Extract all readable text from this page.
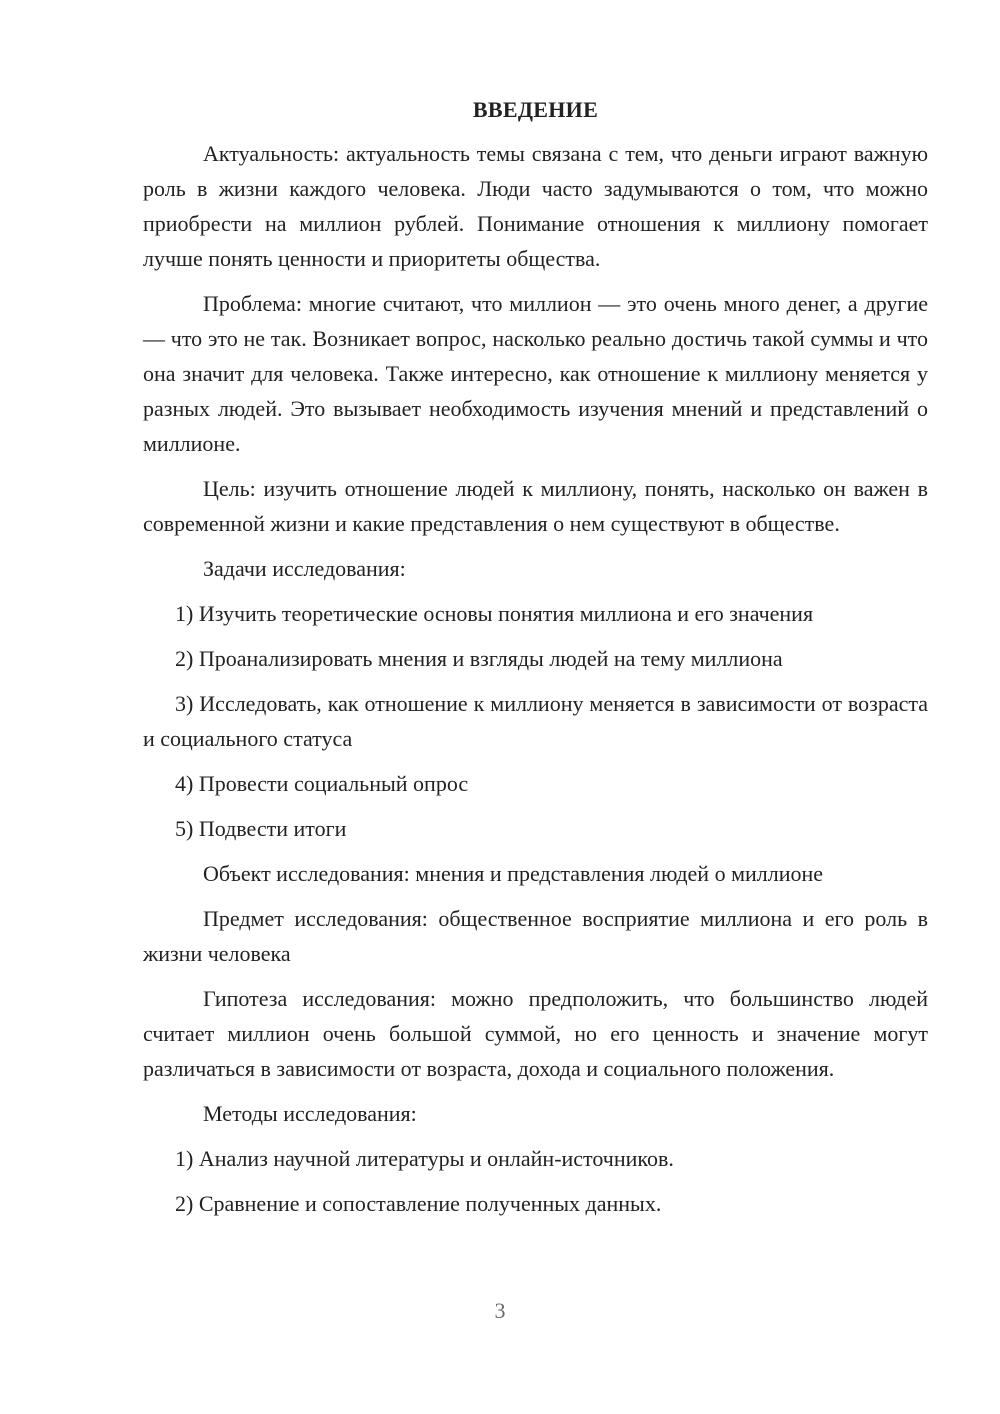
ВВЕДЕНИЕ

Актуальность: актуальность темы связана с тем, что деньги играют важную роль в жизни каждого человека. Люди часто задумываются о том, что можно приобрести на миллион рублей. Понимание отношения к миллиону помогает лучше понять ценности и приоритеты общества.

Проблема: многие считают, что миллион — это очень много денег, а другие — что это не так. Возникает вопрос, насколько реально достичь такой суммы и что она значит для человека. Также интересно, как отношение к миллиону меняется у разных людей. Это вызывает необходимость изучения мнений и представлений о миллионе.

Цель: изучить отношение людей к миллиону, понять, насколько он важен в современной жизни и какие представления о нем существуют в обществе.

Задачи исследования:

1) Изучить теоретические основы понятия миллиона и его значения

2) Проанализировать мнения и взгляды людей на тему миллиона

3) Исследовать, как отношение к миллиону меняется в зависимости от возраста и социального статуса

4) Провести социальный опрос

5) Подвести итоги

Объект исследования: мнения и представления людей о миллионе

Предмет исследования: общественное восприятие миллиона и его роль в жизни человека

Гипотеза исследования: можно предположить, что большинство людей считает миллион очень большой суммой, но его ценность и значение могут различаться в зависимости от возраста, дохода и социального положения.

Методы исследования:

1) Анализ научной литературы и онлайн-источников.

2) Сравнение и сопоставление полученных данных.

3
